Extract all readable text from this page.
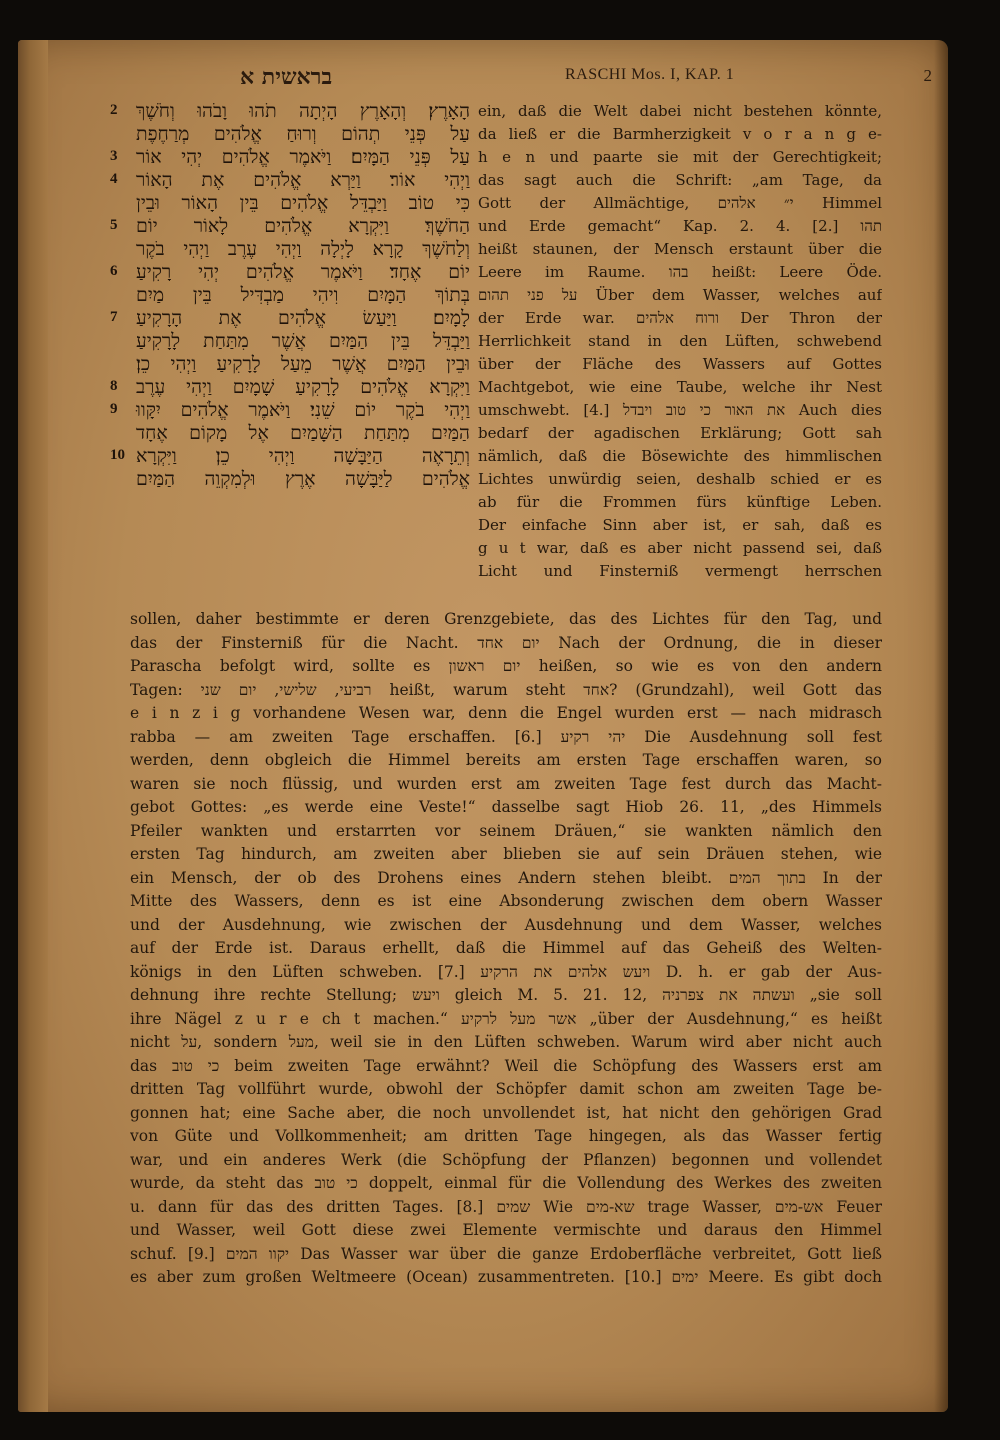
בראשית א	RASCHI Mos. I, KAP. 1	2
2 הָאָרֶץ׃ וְהָאָרֶץ הָיְתָה תֹהוּ וָבֹהוּ וְחֹשֶׁךְ
עַל פְּנֵי תְהוֹם וְרוּחַ אֱלֹהִים מְרַחֶפֶת
3 עַל פְּנֵי הַמָּיִם׃ וַיֹּאמֶר אֱלֹהִים יְהִי אוֹר
4 וַיְהִי אוֹר׃ וַיַּרְא אֱלֹהִים אֶת הָאוֹר
כִּי טוֹב וַיַּבְדֵּל אֱלֹהִים בֵּין הָאוֹר וּבֵין
5 הַחֹשֶׁךְ׃ וַיִּקְרָא אֱלֹהִים לָאוֹר יוֹם
וְלַחֹשֶׁךְ קָרָא לָיְלָה וַיְהִי עֶרֶב וַיְהִי בֹקֶר
6 יוֹם אֶחָד׃ וַיֹּאמֶר אֱלֹהִים יְהִי רָקִיעַ
בְּתוֹךְ הַמָּיִם וִיהִי מַבְדִּיל בֵּין מַיִם
7 לָמָיִם׃ וַיַּעַשׂ אֱלֹהִים אֶת הָרָקִיעַ
וַיַּבְדֵּל בֵּין הַמַּיִם אֲשֶׁר מִתַּחַת לָרָקִיעַ
וּבֵין הַמַּיִם אֲשֶׁר מֵעַל לָרָקִיעַ וַיְהִי כֵן׃
8 וַיִּקְרָא אֱלֹהִים לָרָקִיעַ שָׁמָיִם וַיְהִי עֶרֶב
9 וַיְהִי בֹקֶר יוֹם שֵׁנִי׃ וַיֹּאמֶר אֱלֹהִים יִקָּווּ
הַמַּיִם מִתַּחַת הַשָּׁמַיִם אֶל מָקוֹם אֶחָד
10 וְתֵרָאֶה הַיַּבָּשָׁה וַיְהִי כֵן׃ וַיִּקְרָא
אֱלֹהִים לַיַּבָּשָׁה אֶרֶץ וּלְמִקְוֵה הַמַּיִם
ein, daß die Welt dabei nicht bestehen könnte,
da ließ er die Barmherzigkeit v o r a n g e-
h e n und paarte sie mit der Gerechtigkeit;
das sagt auch die Schrift: „am Tage, da
Gott der Allmächtige, י״ אלהים Himmel
und Erde gemacht“ Kap. 2. 4. [2.] תהו
heißt staunen, der Mensch erstaunt über die
Leere im Raume. בהו heißt: Leere Öde.
על פני תהום Über dem Wasser, welches auf
der Erde war. ורוח אלהים Der Thron der
Herrlichkeit stand in den Lüften, schwebend
über der Fläche des Wassers auf Gottes
Machtgebot, wie eine Taube, welche ihr Nest
umschwebt. [4.] את האור כי טוב ויבדל Auch dies
bedarf der agadischen Erklärung; Gott sah
nämlich, daß die Bösewichte des himmlischen
Lichtes unwürdig seien, deshalb schied er es
ab für die Frommen fürs künftige Leben.
Der einfache Sinn aber ist, er sah, daß es
g u t war, daß es aber nicht passend sei, daß
Licht und Finsterniß vermengt herrschen
sollen, daher bestimmte er deren Grenzgebiete, das des Lichtes für den Tag, und
das der Finsterniß für die Nacht. יום אחד Nach der Ordnung, die in dieser
Parascha befolgt wird, sollte es יום ראשון heißen, so wie es von den andern
Tagen: רביעי, שלישי, יום שני heißt, warum steht אחד? (Grundzahl), weil Gott das
e i n z i g vorhandene Wesen war, denn die Engel wurden erst — nach midrasch
rabba — am zweiten Tage erschaffen. [6.] יהי רקיע Die Ausdehnung soll fest
werden, denn obgleich die Himmel bereits am ersten Tage erschaffen waren, so
waren sie noch flüssig, und wurden erst am zweiten Tage fest durch das Macht-
gebot Gottes: „es werde eine Veste!“ dasselbe sagt Hiob 26. 11, „des Himmels
Pfeiler wankten und erstarrten vor seinem Dräuen,“ sie wankten nämlich den
ersten Tag hindurch, am zweiten aber blieben sie auf sein Dräuen stehen, wie
ein Mensch, der ob des Drohens eines Andern stehen bleibt. בתוך המים In der
Mitte des Wassers, denn es ist eine Absonderung zwischen dem obern Wasser
und der Ausdehnung, wie zwischen der Ausdehnung und dem Wasser, welches
auf der Erde ist. Daraus erhellt, daß die Himmel auf das Geheiß des Welten-
königs in den Lüften schweben. [7.] ויעש אלהים את הרקיע D. h. er gab der Aus-
dehnung ihre rechte Stellung; ויעש gleich M. 5. 21. 12, ועשתה את צפרניה „sie soll
ihre Nägel z u r e ch t machen.“ אשר מעל לרקיע „über der Ausdehnung,“ es heißt
nicht על, sondern מעל, weil sie in den Lüften schweben. Warum wird aber nicht auch
das כי טוב beim zweiten Tage erwähnt? Weil die Schöpfung des Wassers erst am
dritten Tag vollführt wurde, obwohl der Schöpfer damit schon am zweiten Tage be-
gonnen hat; eine Sache aber, die noch unvollendet ist, hat nicht den gehörigen Grad
von Güte und Vollkommenheit; am dritten Tage hingegen, als das Wasser fertig
war, und ein anderes Werk (die Schöpfung der Pflanzen) begonnen und vollendet
wurde, da steht das כי טוב doppelt, einmal für die Vollendung des Werkes des zweiten
u. dann für das des dritten Tages. [8.] שמים Wie שא-מים trage Wasser, אש-מים Feuer
und Wasser, weil Gott diese zwei Elemente vermischte und daraus den Himmel
schuf. [9.] יקוו המים Das Wasser war über die ganze Erdoberfläche verbreitet, Gott ließ
es aber zum großen Weltmeere (Ocean) zusammentreten. [10.] ימים Meere. Es gibt doch
